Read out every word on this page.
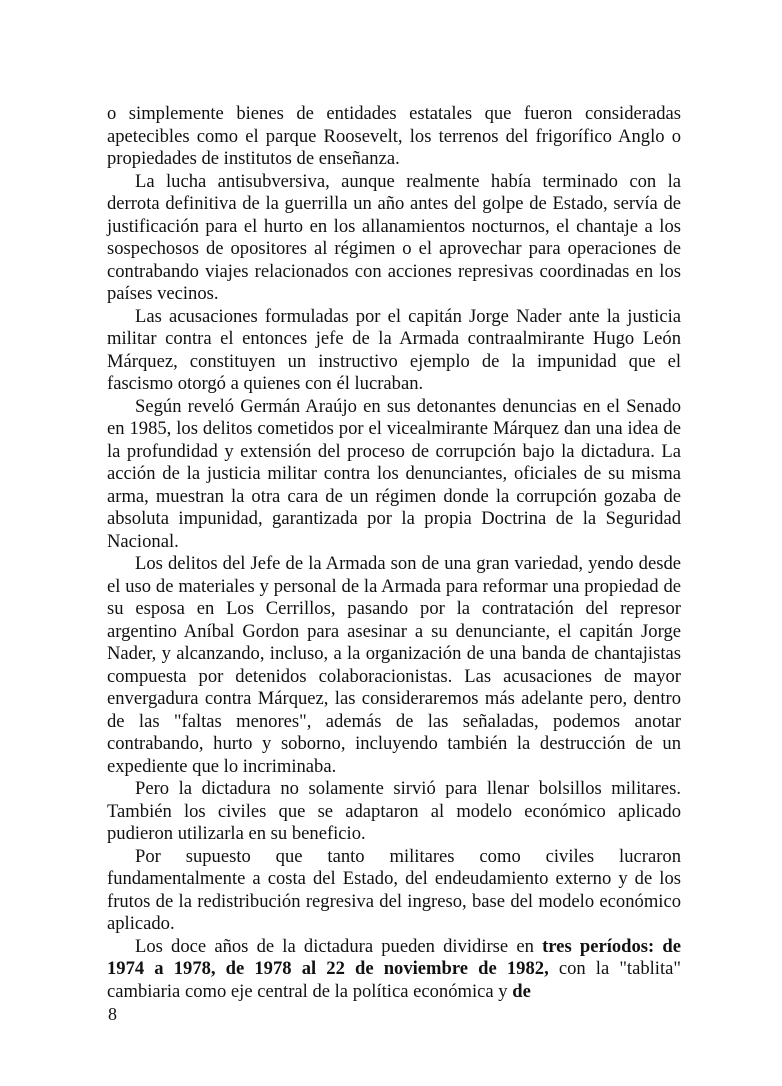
o simplemente bienes de entidades estatales que fueron consideradas apetecibles como el parque Roosevelt, los terrenos del frigorífico Anglo o propiedades de institutos de enseñanza.

La lucha antisubversiva, aunque realmente había terminado con la derrota definitiva de la guerrilla un año antes del golpe de Estado, servía de justificación para el hurto en los allanamientos nocturnos, el chantaje a los sospechosos de opositores al régimen o el aprovechar para operaciones de contrabando viajes relacionados con acciones represivas coordinadas en los países vecinos.

Las acusaciones formuladas por el capitán Jorge Nader ante la justicia militar contra el entonces jefe de la Armada contraalmirante Hugo León Márquez, constituyen un instructivo ejemplo de la impunidad que el fascismo otorgó a quienes con él lucraban.

Según reveló Germán Araújo en sus detonantes denuncias en el Senado en 1985, los delitos cometidos por el vicealmirante Márquez dan una idea de la profundidad y extensión del proceso de corrupción bajo la dictadura. La acción de la justicia militar contra los denunciantes, oficiales de su misma arma, muestran la otra cara de un régimen donde la corrupción gozaba de absoluta impunidad, garantizada por la propia Doctrina de la Seguridad Nacional.

Los delitos del Jefe de la Armada son de una gran variedad, yendo desde el uso de materiales y personal de la Armada para reformar una propiedad de su esposa en Los Cerrillos, pasando por la contratación del represor argentino Aníbal Gordon para asesinar a su denunciante, el capitán Jorge Nader, y alcanzando, incluso, a la organización de una banda de chantajistas compuesta por detenidos colaboracionistas. Las acusaciones de mayor envergadura contra Márquez, las consideraremos más adelante pero, dentro de las "faltas menores", además de las señaladas, podemos anotar contrabando, hurto y soborno, incluyendo también la destrucción de un expediente que lo incriminaba.

Pero la dictadura no solamente sirvió para llenar bolsillos militares. También los civiles que se adaptaron al modelo económico aplicado pudieron utilizarla en su beneficio.

Por supuesto que tanto militares como civiles lucraron fundamentalmente a costa del Estado, del endeudamiento externo y de los frutos de la redistribución regresiva del ingreso, base del modelo económico aplicado.

Los doce años de la dictadura pueden dividirse en tres períodos: de 1974 a 1978, de 1978 al 22 de noviembre de 1982, con la "tablita" cambiaria como eje central de la política económica y de

8
